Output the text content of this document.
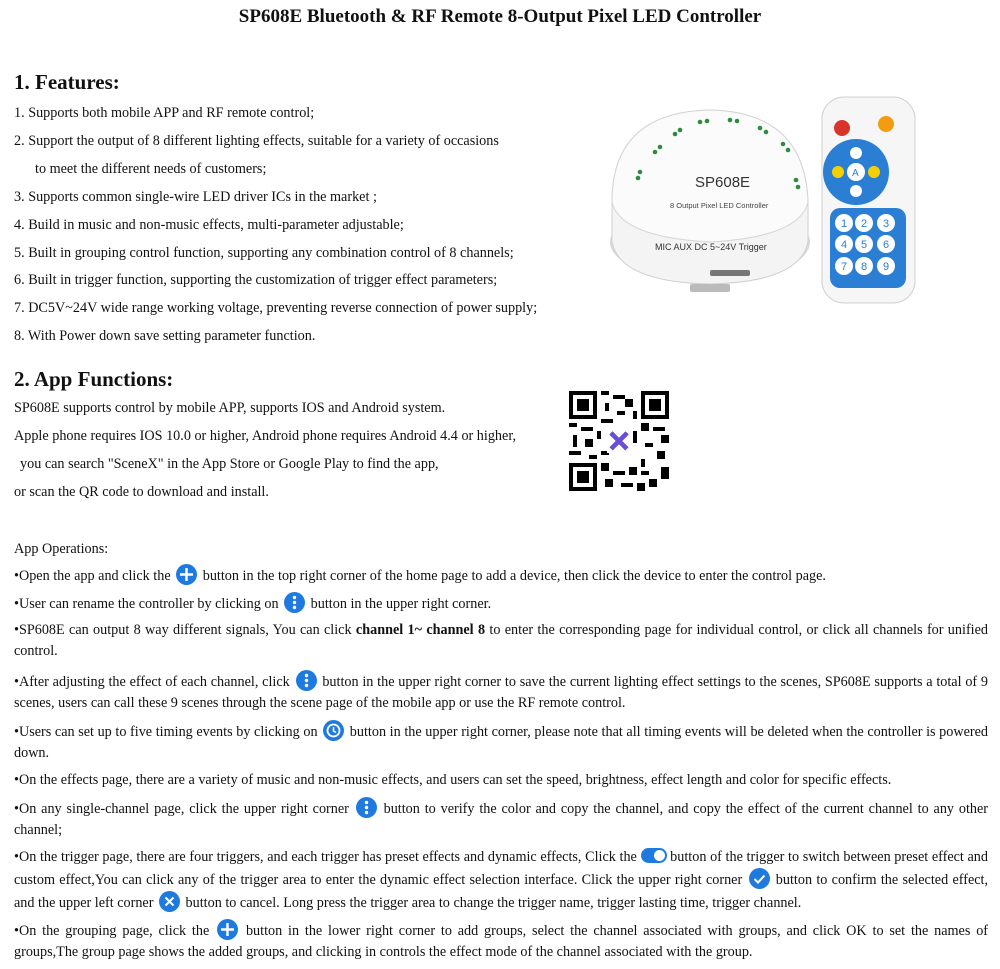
SP608E Bluetooth & RF Remote 8-Output Pixel LED Controller
1. Features:
1. Supports both mobile APP and RF remote control;
2. Support the output of 8 different lighting effects, suitable for a variety of occasions
to meet the different needs of customers;
3. Supports common single-wire LED driver ICs in the market ;
4. Build in music and non-music effects, multi-parameter adjustable;
5. Built in grouping control function, supporting any combination control of 8 channels;
6. Built in trigger function, supporting the customization of trigger effect parameters;
7. DC5V~24V wide range working voltage, preventing reverse connection of power supply;
8. With Power down save setting parameter function.
SP608E
8 Output Pixel LED Controller
MIC AUX DC 5~24V Trigger
A
1 2 3
4 5 6
7 8 9
2. App Functions:
SP608E supports control by mobile APP, supports IOS and Android system.
Apple phone requires IOS 10.0 or higher, Android phone requires Android 4.4 or higher,
you can search "SceneX" in the App Store or Google Play to find the app,
or scan the QR code to download and install.
App Operations:
•Open the app and click the button in the top right corner of the home page to add a device, then click the device to enter the control page.
•User can rename the controller by clicking on button in the upper right corner.
•SP608E can output 8 way different signals, You can click channel 1~ channel 8 to enter the corresponding page for individual control, or click all channels for unified control.
•After adjusting the effect of each channel, click button in the upper right corner to save the current lighting effect settings to the scenes, SP608E supports a total of 9 scenes, users can call these 9 scenes through the scene page of the mobile app or use the RF remote control.
•Users can set up to five timing events by clicking on button in the upper right corner, please note that all timing events will be deleted when the controller is powered down.
•On the effects page, there are a variety of music and non-music effects, and users can set the speed, brightness, effect length and color for specific effects.
•On any single-channel page, click the upper right corner button to verify the color and copy the channel, and copy the effect of the current channel to any other channel;
•On the trigger page, there are four triggers, and each trigger has preset effects and dynamic effects, Click the button of the trigger to switch between preset effect and custom effect,You can click any of the trigger area to enter the dynamic effect selection interface. Click the upper right corner button to confirm the selected effect, and the upper left corner button to cancel. Long press the trigger area to change the trigger name, trigger lasting time, trigger channel.
•On the grouping page, click the	button in the lower right corner to add groups, select the channel associated with groups, and click OK to set the names of groups,The group page shows the added groups, and clicking in controls the effect mode of the channel associated with the group.
